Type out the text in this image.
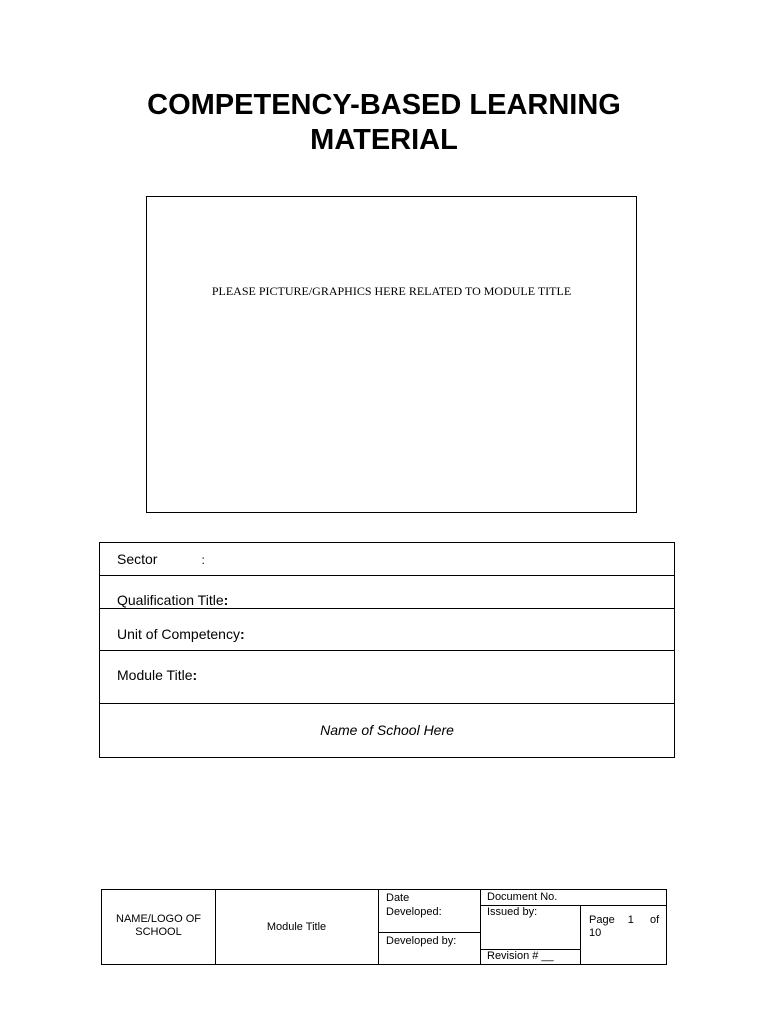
COMPETENCY-BASED LEARNING
MATERIAL
PLEASE PICTURE/GRAPHICS HERE RELATED TO MODULE TITLE
Sector	:
Qualification Title:
Unit of Competency:
Module Title:
Name of School Here
NAME/LOGO OF
SCHOOL	Module Title
Date
Developed:
Developed by:
Document No.
Issued by:
Revision # __
Page 1 of
10
